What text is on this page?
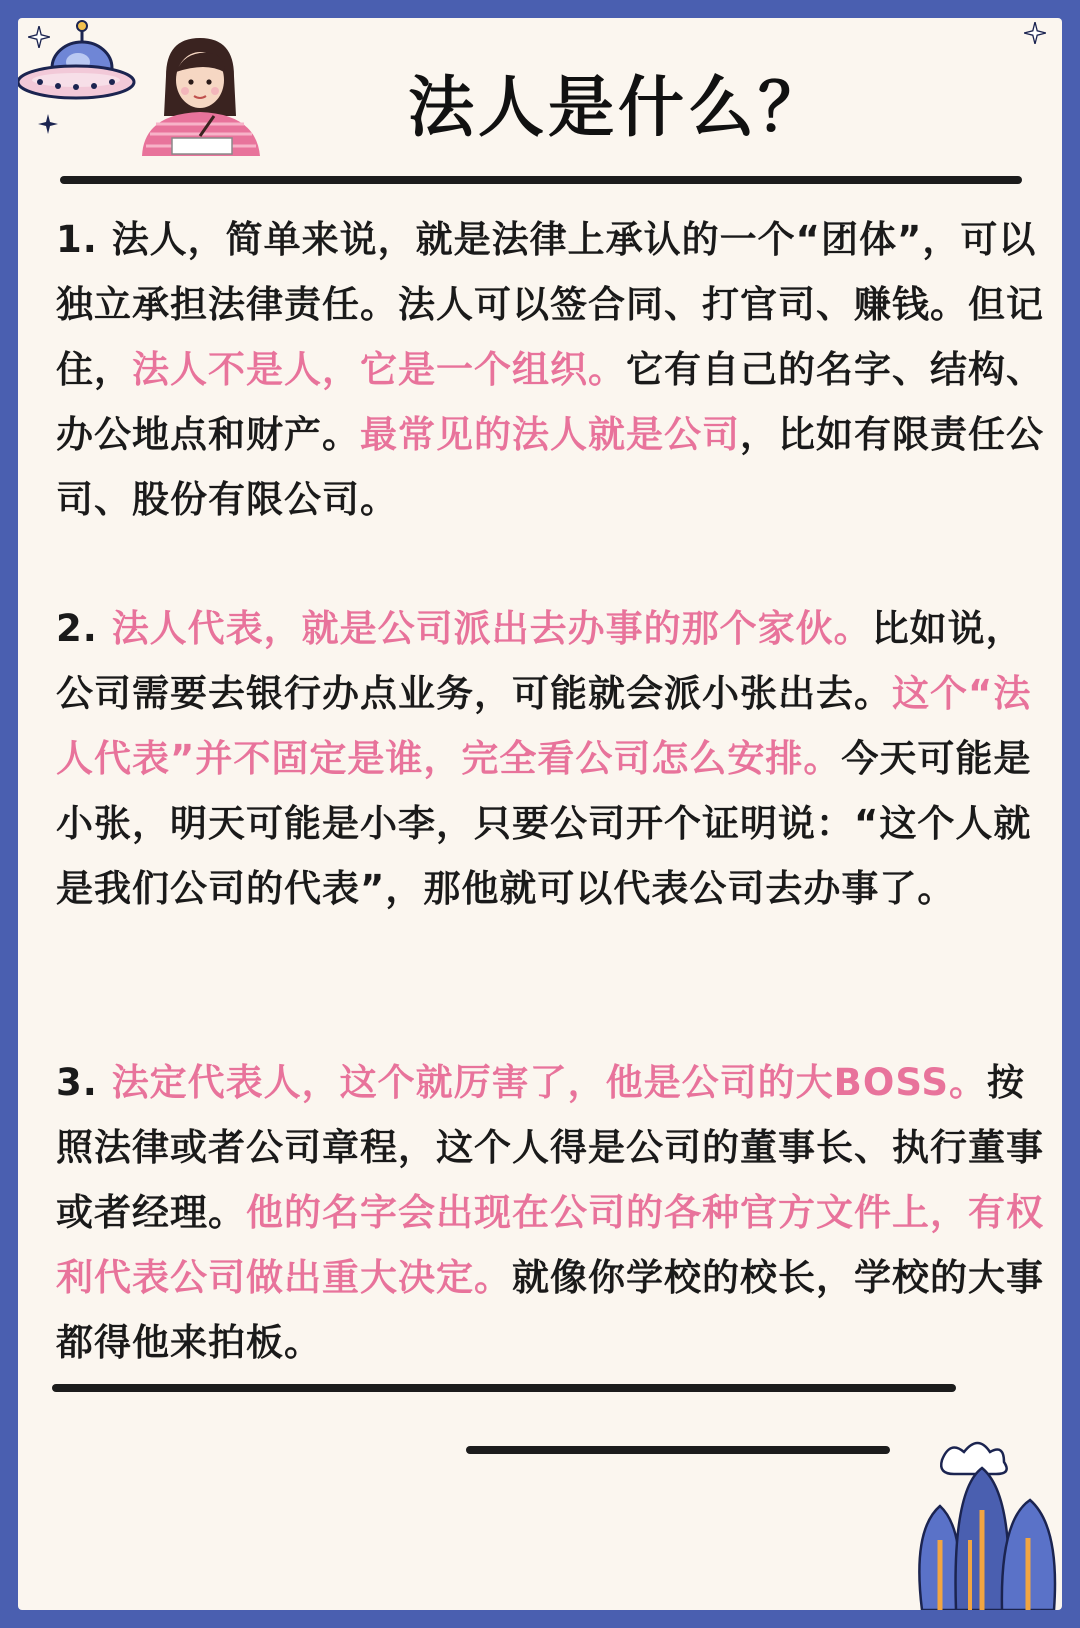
法人是什么？
1. 法人，简单来说，就是法律上承认的一个“团体”，可以独立承担法律责任。法人可以签合同、打官司、赚钱。但记住，法人不是人，它是一个组织。它有自己的名字、结构、办公地点和财产。最常见的法人就是公司，比如有限责任公司、股份有限公司。
2. 法人代表，就是公司派出去办事的那个家伙。比如说，公司需要去银行办点业务，可能就会派小张出去。这个“法人代表”并不固定是谁，完全看公司怎么安排。今天可能是小张，明天可能是小李，只要公司开个证明说：“这个人就是我们公司的代表”，那他就可以代表公司去办事了。
3. 法定代表人，这个就厉害了，他是公司的大BOSS。按照法律或者公司章程，这个人得是公司的董事长、执行董事或者经理。他的名字会出现在公司的各种官方文件上，有权利代表公司做出重大决定。就像你学校的校长，学校的大事都得他来拍板。
